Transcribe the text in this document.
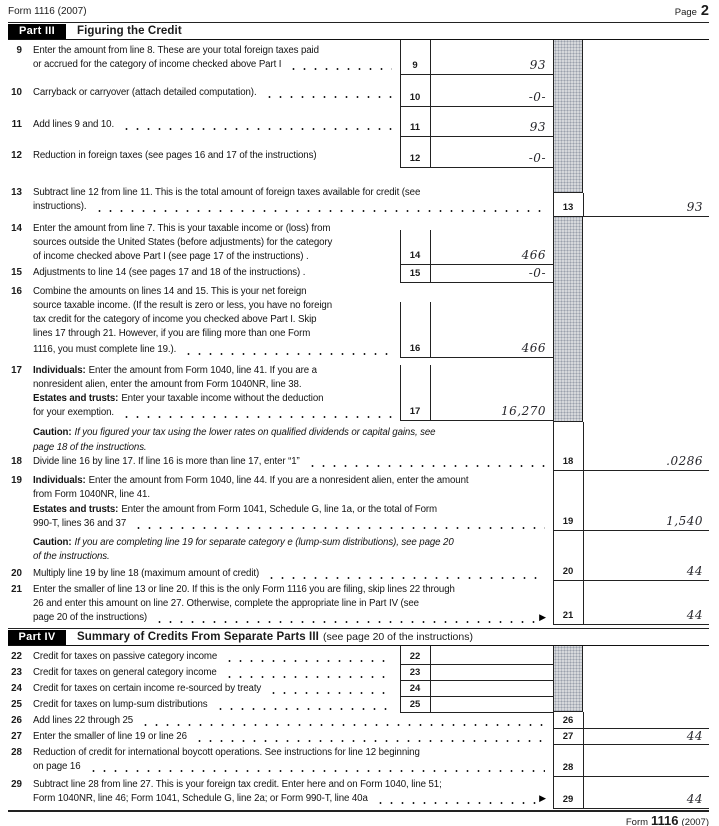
Form 1116 (2007)	Page 2
Part III	Figuring the Credit
9 Enter the amount from line 8. These are your total foreign taxes paid
or accrued for the category of income checked above Part I	9	93
10 Carryback or carryover (attach detailed computation).	10	-0-
11 Add lines 9 and 10.	11	93
12 Reduction in foreign taxes (see pages 16 and 17 of the instructions)	12	-0-
13 Subtract line 12 from line 11. This is the total amount of foreign taxes available for credit (see
instructions).	13	93
14 Enter the amount from line 7. This is your taxable income or (loss) from
sources outside the United States (before adjustments) for the category
of income checked above Part I (see page 17 of the instructions) .	14	466
15 Adjustments to line 14 (see pages 17 and 18 of the instructions) .	15	-0-
16 Combine the amounts on lines 14 and 15. This is your net foreign
source taxable income. (If the result is zero or less, you have no foreign
tax credit for the category of income you checked above Part I. Skip
lines 17 through 21. However, if you are filing more than one Form
1116, you must complete line 19.).	16	466
17 Individuals: Enter the amount from Form 1040, line 41. If you are a
nonresident alien, enter the amount from Form 1040NR, line 38.
Estates and trusts: Enter your taxable income without the deduction
for your exemption.	17	16,270
Caution: If you figured your tax using the lower rates on qualified dividends or capital gains, see
page 18 of the instructions.
18 Divide line 16 by line 17. If line 16 is more than line 17, enter “1”	18	.0286
19 Individuals: Enter the amount from Form 1040, line 44. If you are a nonresident alien, enter the amount
from Form 1040NR, line 41.
Estates and trusts: Enter the amount from Form 1041, Schedule G, line 1a, or the total of Form
990-T, lines 36 and 37	19	1,540
Caution: If you are completing line 19 for separate category e (lump-sum distributions), see page 20
of the instructions.
20 Multiply line 19 by line 18 (maximum amount of credit)	20	44
21 Enter the smaller of line 13 or line 20. If this is the only Form 1116 you are filing, skip lines 22 through
26 and enter this amount on line 27. Otherwise, complete the appropriate line in Part IV (see
page 20 of the instructions)	▶	21	44
Part IV	Summary of Credits From Separate Parts III (see page 20 of the instructions)
22 Credit for taxes on passive category income	22
23 Credit for taxes on general category income	23
24 Credit for taxes on certain income re-sourced by treaty	24
25 Credit for taxes on lump-sum distributions	25
26 Add lines 22 through 25	26
27 Enter the smaller of line 19 or line 26	27	44
28 Reduction of credit for international boycott operations. See instructions for line 12 beginning
on page 16	28
29 Subtract line 28 from line 27. This is your foreign tax credit. Enter here and on Form 1040, line 51;
Form 1040NR, line 46; Form 1041, Schedule G, line 2a; or Form 990-T, line 40a	▶	29	44
Form 1116 (2007)
